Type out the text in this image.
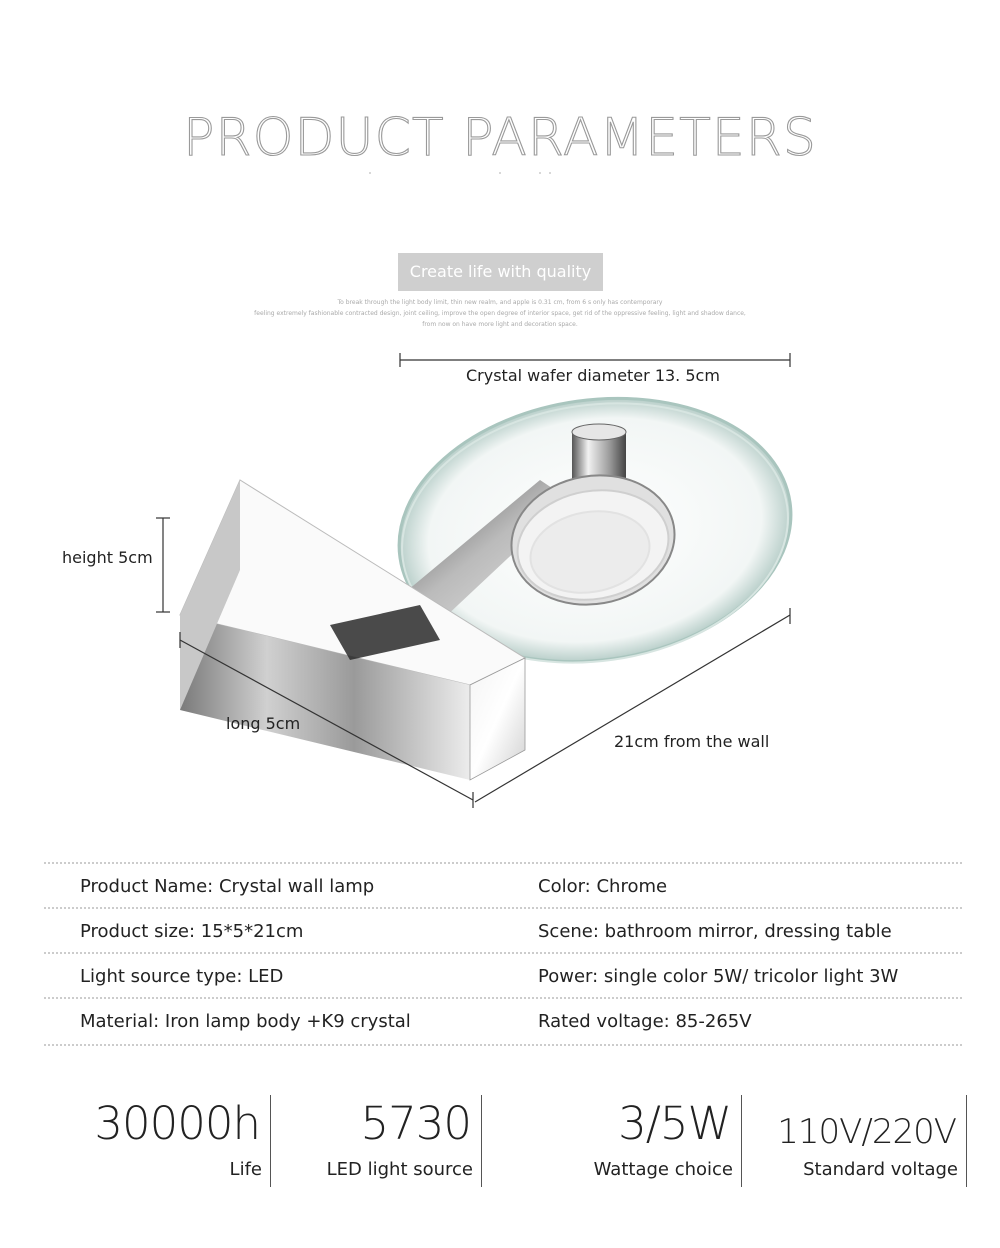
PRODUCT PARAMETERS
Create life with quality
To break through the light body limit, thin new realm, and apple is 0.31 cm, from 6 s only has contemporary
feeling extremely fashionable contracted design, joint ceiling, improve the open degree of interior space, get rid of the oppressive feeling, light and shadow dance,
from now on have more light and decoration space.
Crystal wafer diameter 13. 5cm
height 5cm
long 5cm
21cm from the wall
Product Name: Crystal wall lamp	Color: Chrome
Product size: 15*5*21cm	Scene: bathroom mirror, dressing table
Light source type: LED	Power: single color 5W/ tricolor light 3W
Material: Iron lamp body +K9 crystal	Rated voltage: 85-265V
30000h
Life
5730
LED light source
3/5W
Wattage choice
110V/220V
Standard voltage
